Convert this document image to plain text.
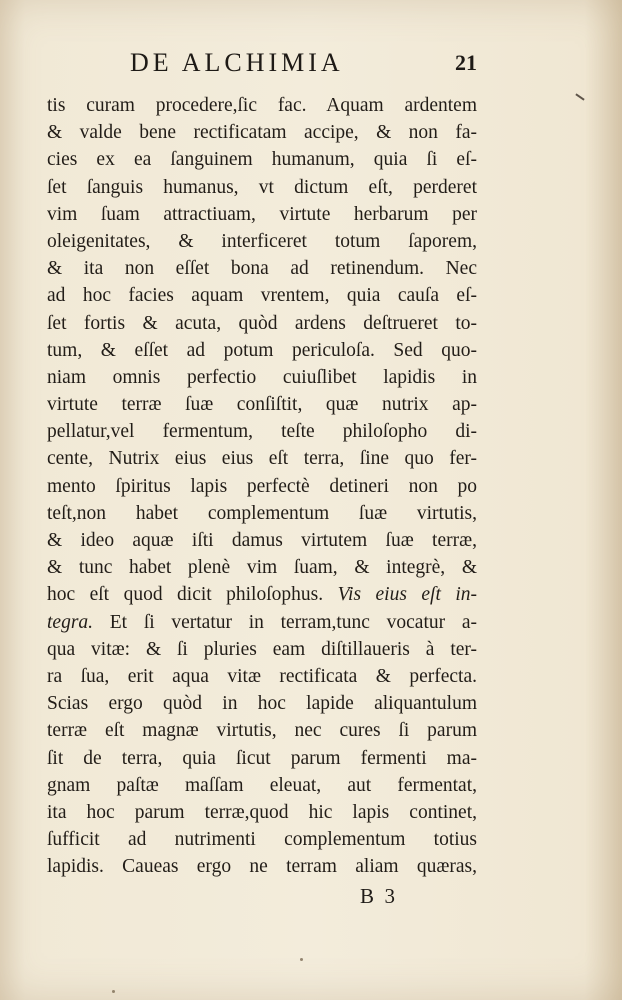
DE ALCHIMIA	21
tis curam procedere,ſic fac. Aquam ardentem
& valde bene rectificatam accipe, & non fa-
cies ex ea ſanguinem humanum, quia ſi eſ-
ſet ſanguis humanus, vt dictum eſt, perderet
vim ſuam attractiuam, virtute herbarum per
oleigenitates, & interficeret totum ſaporem,
& ita non eſſet bona ad retinendum. Nec
ad hoc facies aquam vrentem, quia cauſa eſ-
ſet fortis & acuta, quòd ardens deſtrueret to-
tum, & eſſet ad potum periculoſa. Sed quo-
niam omnis perfectio cuiuſlibet lapidis in
virtute terræ ſuæ conſiſtit, quæ nutrix ap-
pellatur,vel fermentum, teſte philoſopho di-
cente, Nutrix eius eius eſt terra, ſine quo fer-
mento ſpiritus lapis perfectè detineri non po
teſt,non habet complementum ſuæ virtutis,
& ideo aquæ iſti damus virtutem ſuæ terræ,
& tunc habet plenè vim ſuam, & integrè, &
hoc eſt quod dicit philoſophus. Vis eius eſt in-
tegra. Et ſi vertatur in terram,tunc vocatur a-
qua vitæ: & ſi pluries eam diſtillaueris à ter-
ra ſua, erit aqua vitæ rectificata & perfecta.
Scias ergo quòd in hoc lapide aliquantulum
terræ eſt magnæ virtutis, nec cures ſi parum
ſit de terra, quia ſicut parum fermenti ma-
gnam paſtæ maſſam eleuat, aut fermentat,
ita hoc parum terræ,quod hic lapis continet,
ſufficit ad nutrimenti complementum totius
lapidis. Caueas ergo ne terram aliam quæras,
B  3
